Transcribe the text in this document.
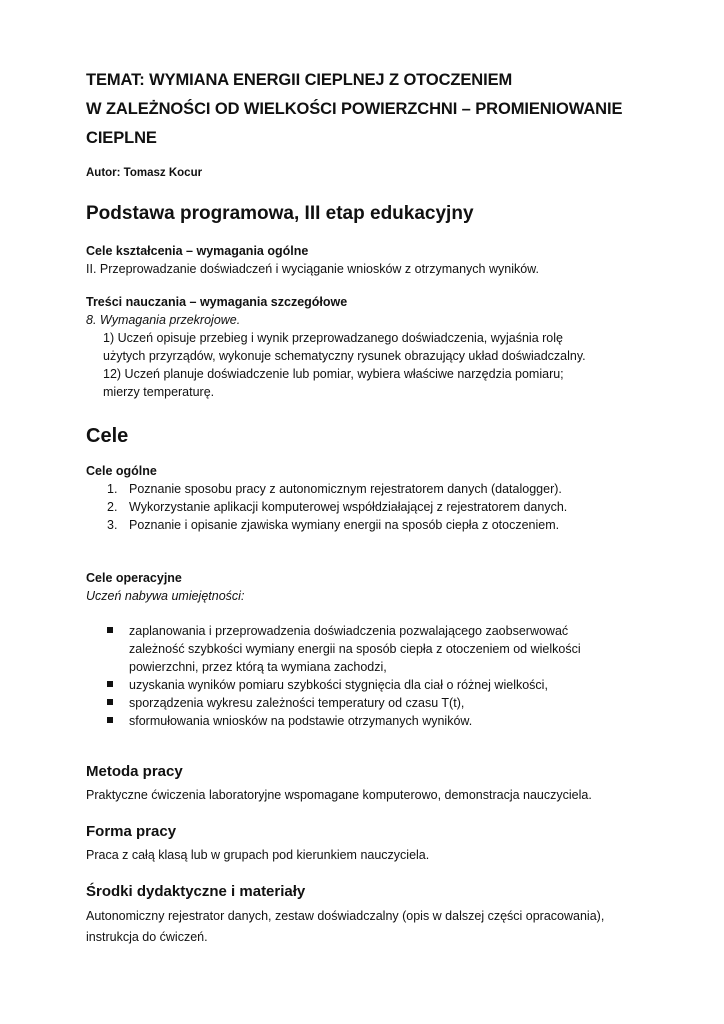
TEMAT: WYMIANA ENERGII CIEPLNEJ Z OTOCZENIEM

W ZALEŻNOŚCI OD WIELKOŚCI POWIERZCHNI – PROMIENIOWANIE

CIEPLNE

Autor: Tomasz Kocur
Podstawa programowa, III etap edukacyjny
Cele kształcenia – wymagania ogólne
II. Przeprowadzanie doświadczeń i wyciąganie wniosków z otrzymanych wyników.
Treści nauczania – wymagania szczegółowe
8. Wymagania przekrojowe.
1) Uczeń opisuje przebieg i wynik przeprowadzanego doświadczenia, wyjaśnia rolę
użytych przyrządów, wykonuje schematyczny rysunek obrazujący układ doświadczalny.
12) Uczeń planuje doświadczenie lub pomiar, wybiera właściwe narzędzia pomiaru;
mierzy temperaturę.
Cele
Cele ogólne
1. Poznanie sposobu pracy z autonomicznym rejestratorem danych (datalogger).
2. Wykorzystanie aplikacji komputerowej współdziałającej z rejestratorem danych.
3. Poznanie i opisanie zjawiska wymiany energii na sposób ciepła z otoczeniem.
Cele operacyjne
Uczeń nabywa umiejętności:
zaplanowania i przeprowadzenia doświadczenia pozwalającego zaobserwować
zależność szybkości wymiany energii na sposób ciepła z otoczeniem od wielkości
powierzchni, przez którą ta wymiana zachodzi,
uzyskania wyników pomiaru szybkości stygnięcia dla ciał o różnej wielkości,
sporządzenia wykresu zależności temperatury od czasu T(t),
sformułowania wniosków na podstawie otrzymanych wyników.
Metoda pracy
Praktyczne ćwiczenia laboratoryjne wspomagane komputerowo, demonstracja nauczyciela.
Forma pracy
Praca z całą klasą lub w grupach pod kierunkiem nauczyciela.
Środki dydaktyczne i materiały
Autonomiczny rejestrator danych, zestaw doświadczalny (opis w dalszej części opracowania),
instrukcja do ćwiczeń.
